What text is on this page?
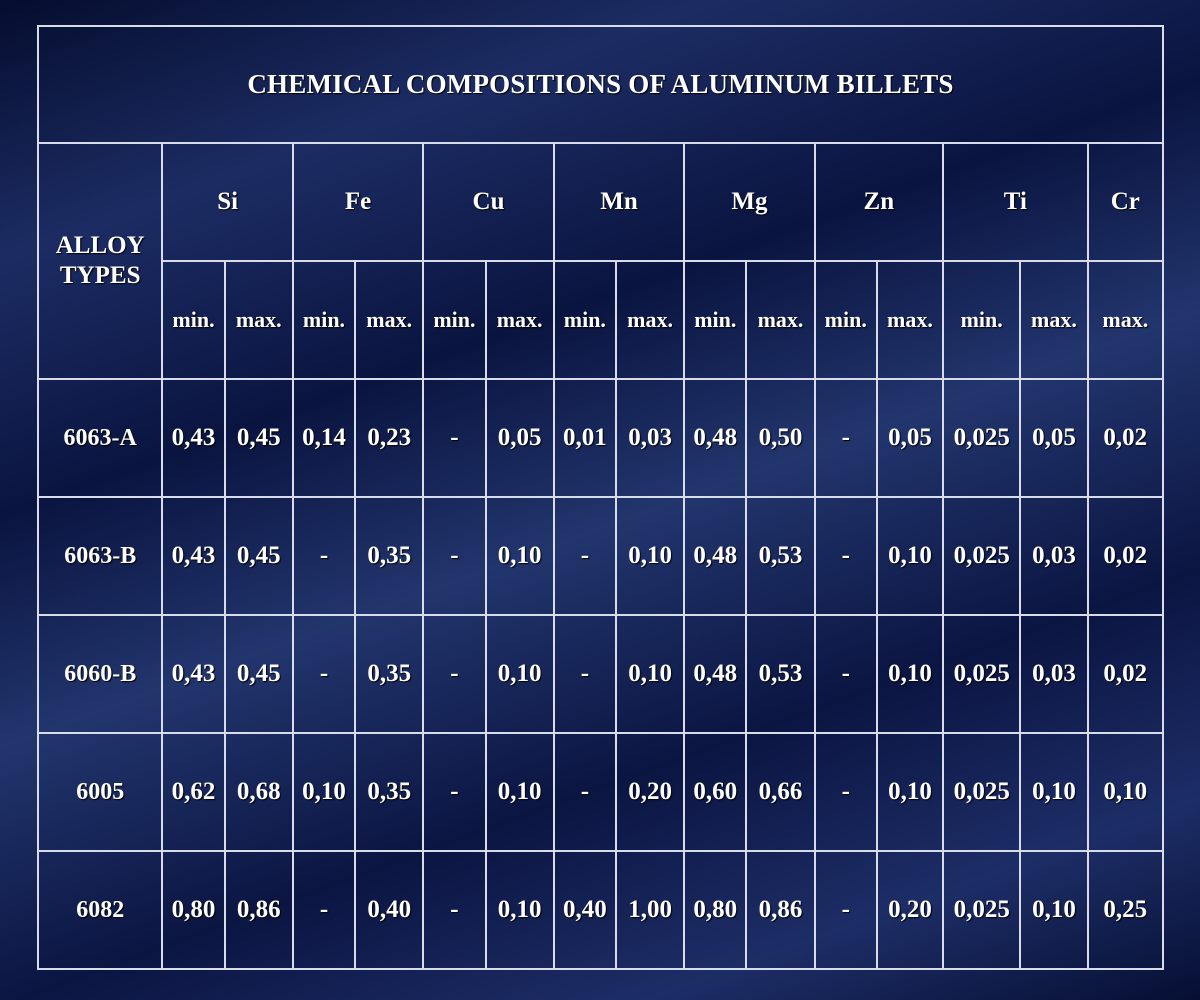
CHEMICAL COMPOSITIONS OF ALUMINUM BILLETS
ALLOY
TYPES	Si		Fe		Cu		Mn		Mg		Zn		Ti		Cr
	min.	max.	min.	max.	min.	max.	min.	max.	min.	max.	min.	max.	min.	max.	max.
6063-A	0,43	0,45	0,14	0,23	-	0,05	0,01	0,03	0,48	0,50	-	0,05	0,025	0,05	0,02
6063-B	0,43	0,45	-	0,35	-	0,10	-	0,10	0,48	0,53	-	0,10	0,025	0,03	0,02
6060-B	0,43	0,45	-	0,35	-	0,10	-	0,10	0,48	0,53	-	0,10	0,025	0,03	0,02
6005	0,62	0,68	0,10	0,35	-	0,10	-	0,20	0,60	0,66	-	0,10	0,025	0,10	0,10
6082	0,80	0,86	-	0,40	-	0,10	0,40	1,00	0,80	0,86	-	0,20	0,025	0,10	0,25
